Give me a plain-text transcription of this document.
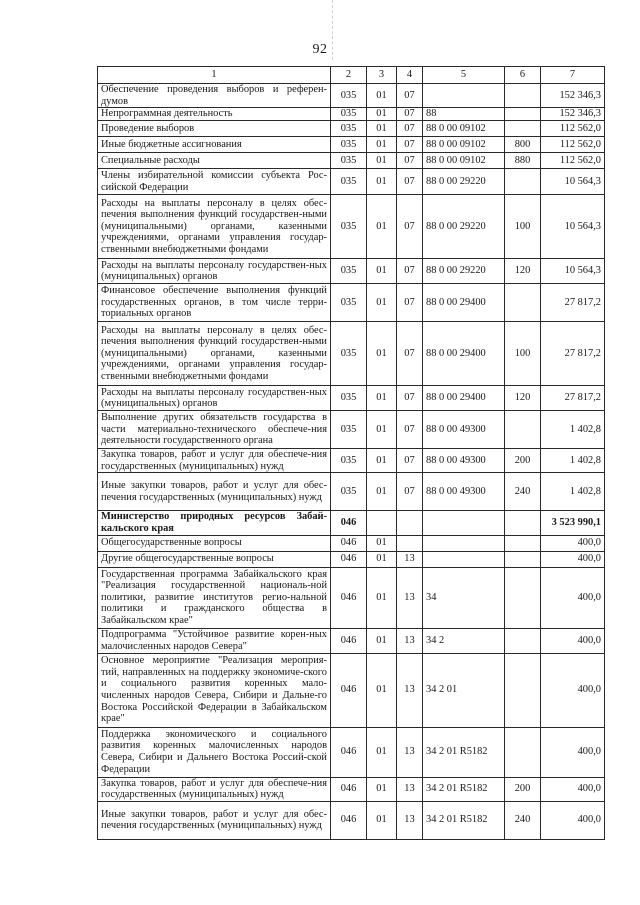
92
1	2	3	4	5	6	7
Обеспечение проведения выборов и референ-думов	035	01	07			152 346,3
Непрограммная деятельность	035	01	07	88		152 346,3
Проведение выборов	035	01	07	88 0 00 09102		112 562,0
Иные бюджетные ассигнования	035	01	07	88 0 00 09102	800	112 562,0
Специальные расходы	035	01	07	88 0 00 09102	880	112 562,0
Члены избирательной комиссии субъекта Рос-сийской Федерации	035	01	07	88 0 00 29220		10 564,3
Расходы на выплаты персоналу в целях обес-печения выполнения функций государствен-ными (муниципальными) органами, казенными учреждениями, органами управления государ-ственными внебюджетными фондами	035	01	07	88 0 00 29220	100	10 564,3
Расходы на выплаты персоналу государствен-ных (муниципальных) органов	035	01	07	88 0 00 29220	120	10 564,3
Финансовое обеспечение выполнения функций государственных органов, в том числе терри-ториальных органов	035	01	07	88 0 00 29400		27 817,2
Расходы на выплаты персоналу в целях обес-печения выполнения функций государствен-ными (муниципальными) органами, казенными учреждениями, органами управления государ-ственными внебюджетными фондами	035	01	07	88 0 00 29400	100	27 817,2
Расходы на выплаты персоналу государствен-ных (муниципальных) органов	035	01	07	88 0 00 29400	120	27 817,2
Выполнение других обязательств государства в части материально-технического обеспече-ния деятельности государственного органа	035	01	07	88 0 00 49300		1 402,8
Закупка товаров, работ и услуг для обеспече-ния государственных (муниципальных) нужд	035	01	07	88 0 00 49300	200	1 402,8
Иные закупки товаров, работ и услуг для обес-печения государственных (муниципальных) нужд	035	01	07	88 0 00 49300	240	1 402,8
Министерство природных ресурсов Забай-кальского края	046					3 523 990,1
Общегосударственные вопросы	046	01				400,0
Другие общегосударственные вопросы	046	01	13			400,0
Государственная программа Забайкальского края "Реализация государственной националь-ной политики, развитие институтов регио-нальной политики и гражданского общества в Забайкальском крае"	046	01	13	34		400,0
Подпрограмма "Устойчивое развитие корен-ных малочисленных народов Севера"	046	01	13	34 2		400,0
Основное мероприятие "Реализация мероприя-тий, направленных на поддержку экономиче-ского и социального развития коренных мало-численных народов Севера, Сибири и Дальне-го Востока Российской Федерации в Забайкальском крае"	046	01	13	34 2 01		400,0
Поддержка экономического и социального развития коренных малочисленных народов Севера, Сибири и Дальнего Востока Россий-ской Федерации	046	01	13	34 2 01 R5182		400,0
Закупка товаров, работ и услуг для обеспече-ния государственных (муниципальных) нужд	046	01	13	34 2 01 R5182	200	400,0
Иные закупки товаров, работ и услуг для обес-печения государственных (муниципальных) нужд	046	01	13	34 2 01 R5182	240	400,0
